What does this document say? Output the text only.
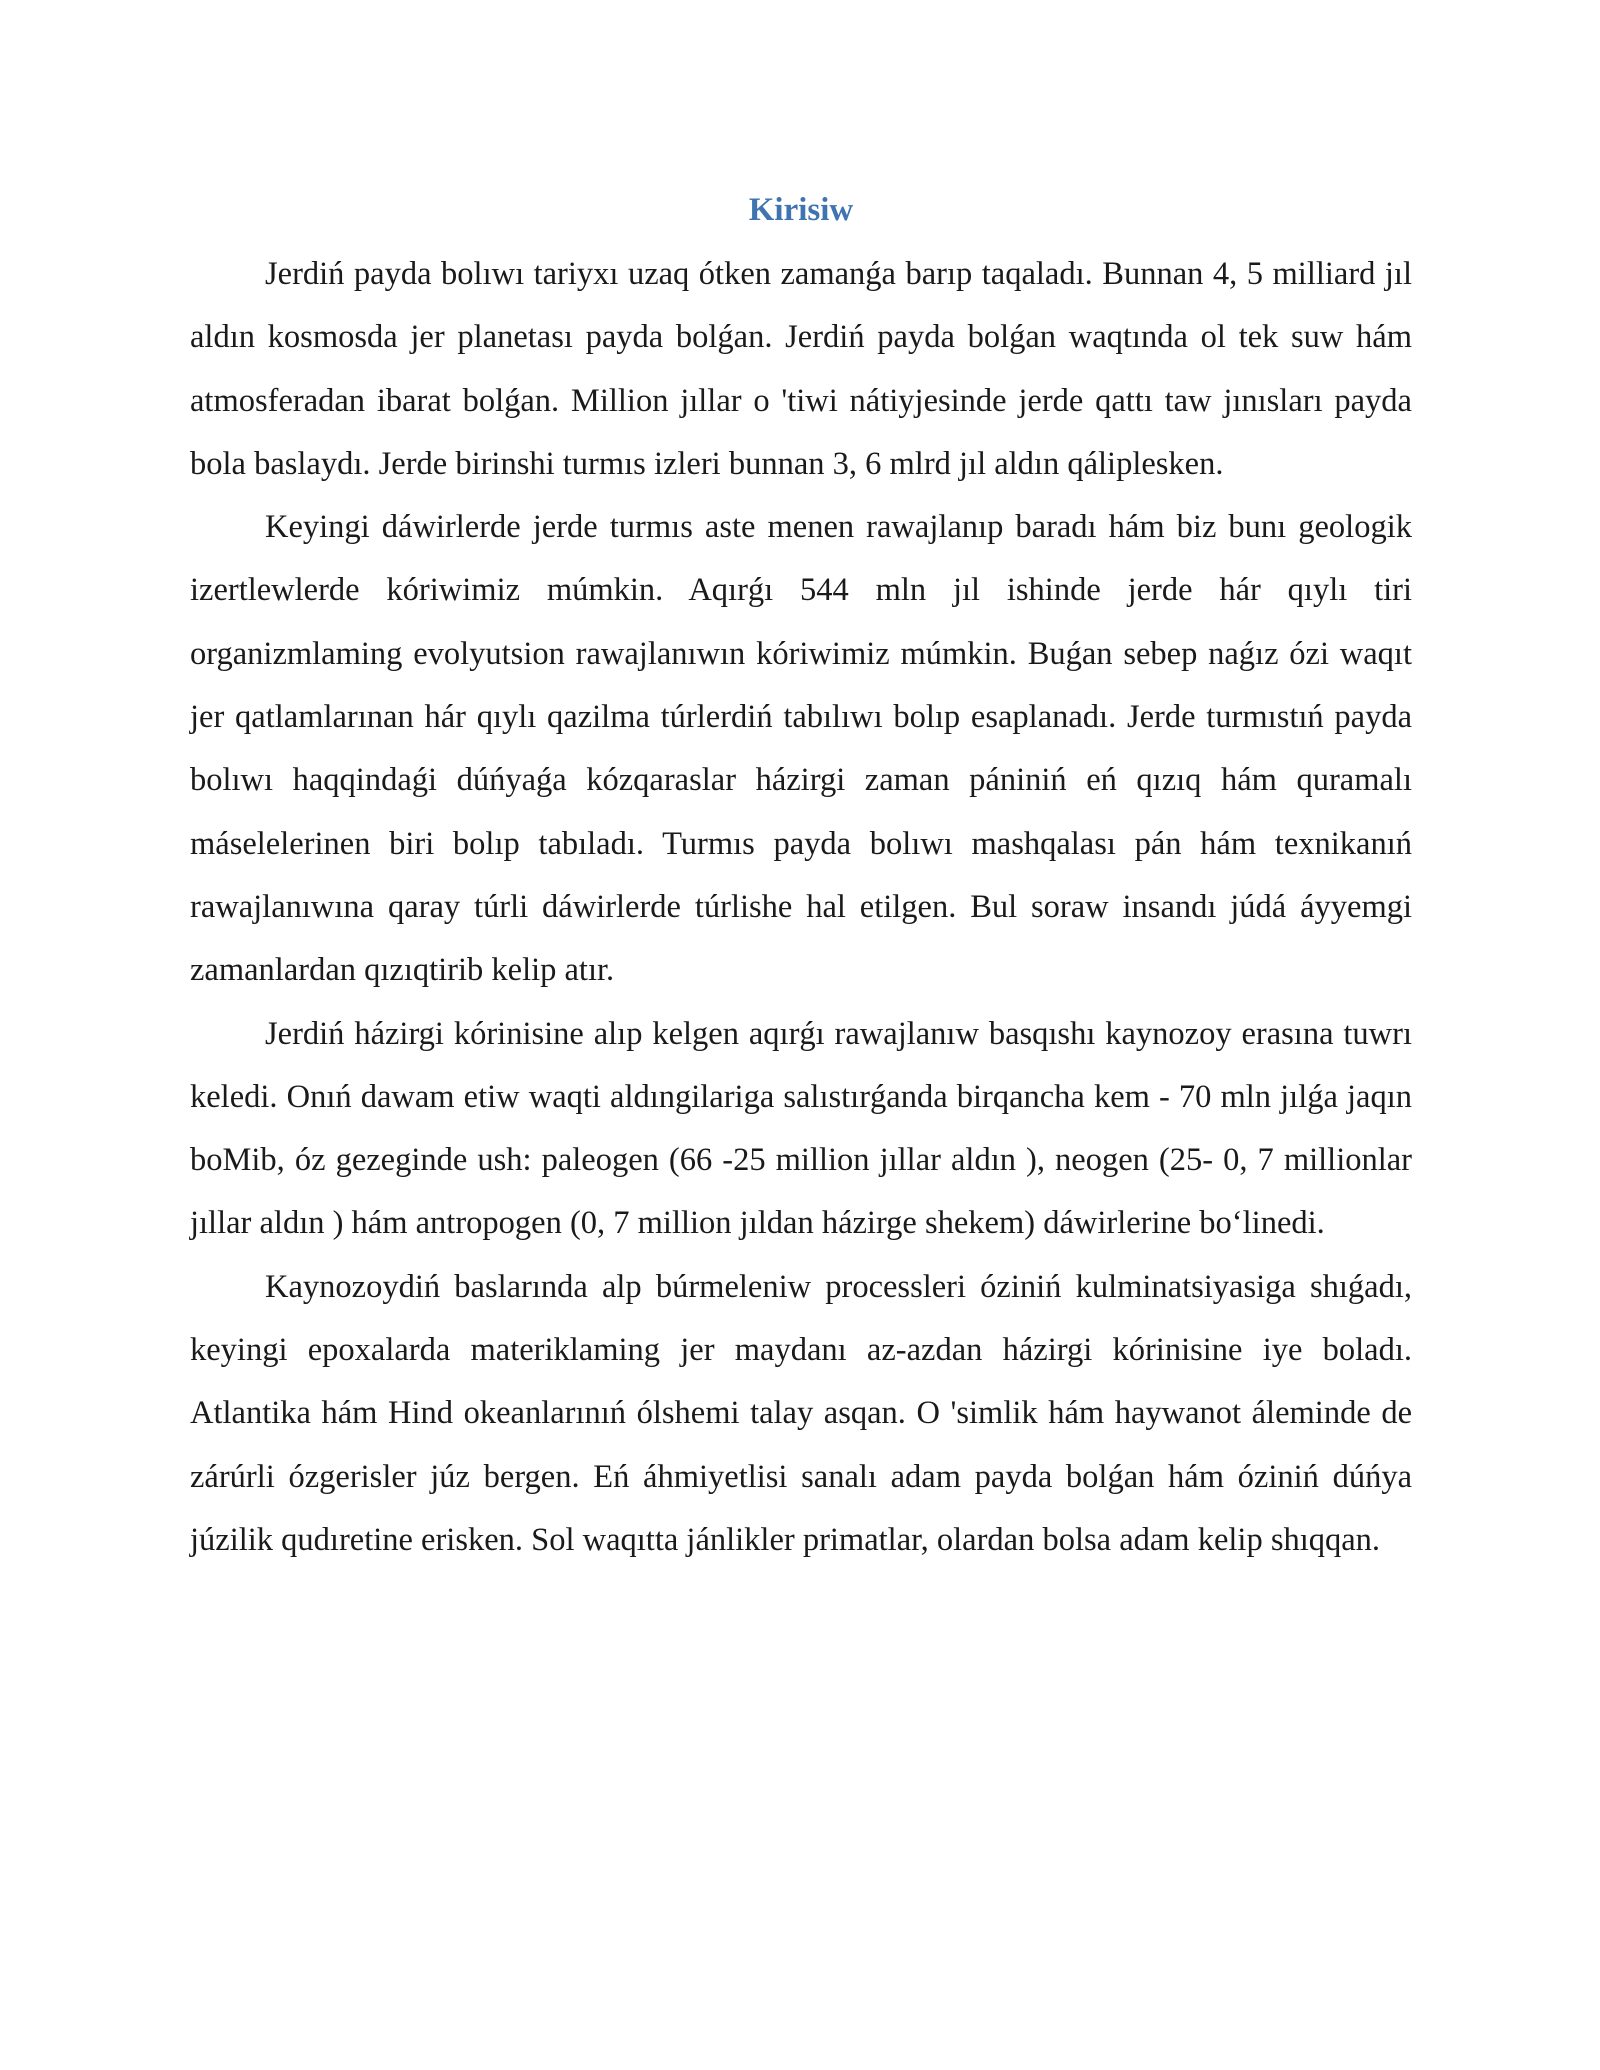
Kirisiw

Jerdiń payda bolıwı tariyxı uzaq ótken zamanǵa barıp taqaladı. Bunnan 4, 5 milliard jıl aldın kosmosda jer planetası payda bolǵan. Jerdiń payda bolǵan waqtında ol tek suw hám atmosferadan ibarat bolǵan. Million jıllar o 'tiwi nátiyjesinde jerde qattı taw jınısları payda bola baslaydı. Jerde birinshi turmıs izleri bunnan 3, 6 mlrd jıl aldın qáliplesken.

Keyingi dáwirlerde jerde turmıs aste menen rawajlanıp baradı hám biz bunı geologik izertlewlerde kóriwimiz múmkin. Aqırǵı 544 mln jıl ishinde jerde hár qıylı tiri organizmlaming evolyutsion rawajlanıwın kóriwimiz múmkin. Buǵan sebep naǵız ózi waqıt jer qatlamlarınan hár qıylı qazilma túrlerdiń tabılıwı bolıp esaplanadı. Jerde turmıstıń payda bolıwı haqqindaǵi dúńyaǵa kózqaraslar házirgi zaman pániniń eń qızıq hám quramalı máselelerinen biri bolıp tabıladı. Turmıs payda bolıwı mashqalası pán hám texnikanıń rawajlanıwına qaray túrli dáwirlerde túrlishe hal etilgen. Bul soraw insandı júdá áyyemgi zamanlardan qızıqtirib kelip atır.

Jerdiń házirgi kórinisine alıp kelgen aqırǵı rawajlanıw basqıshı kaynozoy erasına tuwrı keledi. Onıń dawam etiw waqti aldıngilariga salıstırǵanda birqancha kem - 70 mln jılǵa jaqın boMib, óz gezeginde ush: paleogen (66 -25 million jıllar aldın ), neogen (25- 0, 7 millionlar jıllar aldın ) hám antropogen (0, 7 million jıldan házirge shekem) dáwirlerine bo‘linedi.

Kaynozoydiń baslarında alp búrmeleniw processleri óziniń kulminatsiyasiga shıǵadı, keyingi epoxalarda materiklaming jer maydanı az-azdan házirgi kórinisine iye boladı. Atlantika hám Hind okeanlarınıń ólshemi talay asqan. O 'simlik hám haywanot áleminde de zárúrli ózgerisler júz bergen. Eń áhmiyetlisi sanalı adam payda bolǵan hám óziniń dúńya júzilik qudıretine erisken. Sol waqıtta jánlikler primatlar, olardan bolsa adam kelip shıqqan.
